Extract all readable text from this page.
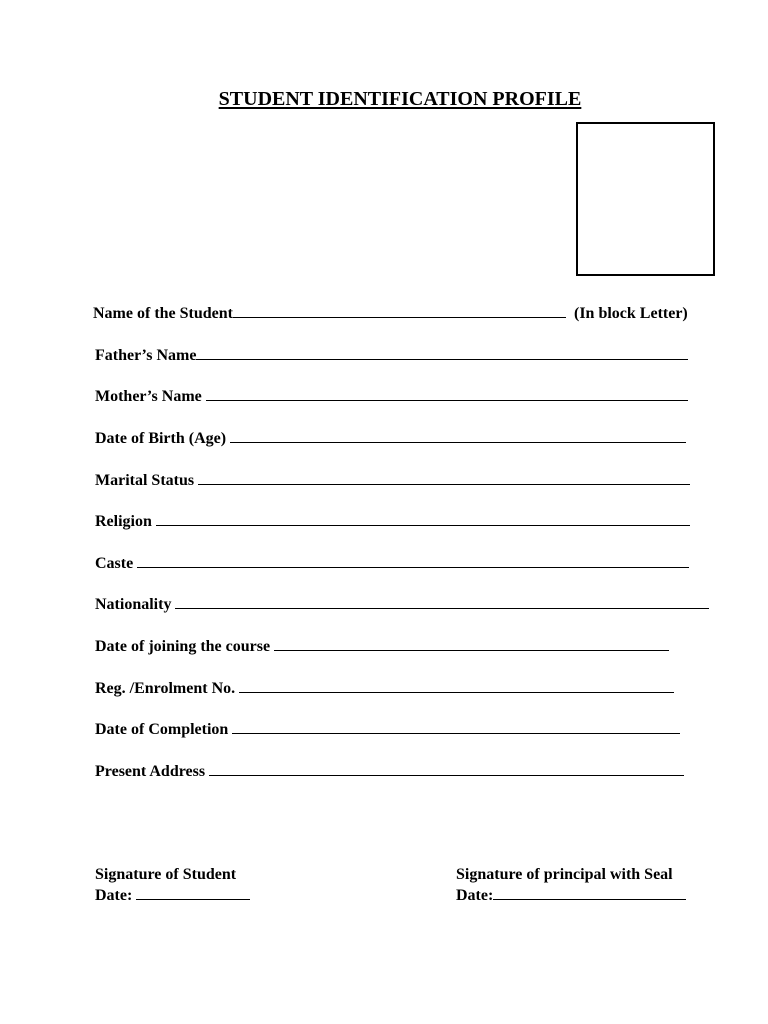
STUDENT IDENTIFICATION PROFILE
Name of the Student	(In block Letter)
Father’s Name
Mother’s Name
Date of Birth (Age)
Marital Status
Religion
Caste
Nationality
Date of joining the course
Reg. /Enrolment No.
Date of Completion
Present Address
Signature of Student
Date:
Signature of principal with Seal
Date:
